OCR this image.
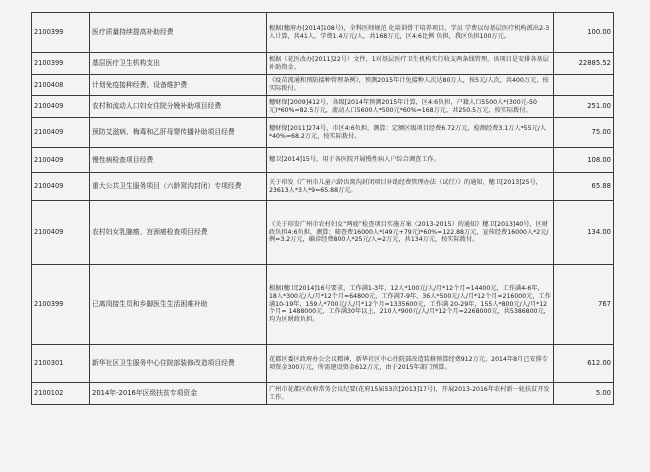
2100399	医疗质量持续提高补助经费	根据(穗府办[2014]108号)，全科医师规范 化培训骨干培养项目，学员 学费以每基层医疗机构派出2-3人计算，共41人，学费1.4万元/人，共168万元，区4:6比例 负担，我区负担100万元。	100.00
2100399	基层医疗卫生机构支出	根据（花医改办[2011]22号）文件，1对基层医疗卫生机构实行收支两条线管理，该项目是安排各基层补助资金。	22885.52
2100408	计划免疫接种经费、设备维护费	《疫苗流通和预防接种管理条例》，预测2015年计免接种人次达80万人，按5元/人次，共400万元，按实际拨付。	
2100409	农村和流动人口妇女住院分娩补助项目经费	穗财保[2009]412号，各级[2014年预测2015年计算，区4:6负担，户籍人口5500人*(300元-50元)*60%=82.5万元，流动人口5600人*500元*60%=168万元，共250.5万元，按实际拨付。	251.00
2100409	预防艾滋病、梅毒和乙肝母婴传播补助项目经费	穗财保[2011]274号，市区4:6负担，测算：定额区级项目经费6.72万元，检测经费3.1万人*55元/人*40%=68.2万元，按实际拨付。	75.00
2100409	慢性病检查项目经费	穗卫[2014]15号，用于各医院开展慢性病人户综合调查工作。	108.00
2100409	重大公共卫生服务项目（六龄窝沟封闭）专项经费	关于印发《广州市儿童六龄齿窝沟封闭项目补助经费管理办法（试行）》的通知，穗卫[2013]25号，23613人*3人*9=65.88万元。	65.88
2100409	农村妇女乳腺癌、宫颈癌检查项目经费	《关于印发广州市农村妇女“两癌”检查项目实施方案（2013-2015）的通知》穗卫[2013]40号，区财政负担4:6负担，测算：筛查费16000人*(49元+79元)*60%=122.88万元，宣传经费16000人*2元/例=3.2万元，确诊经费800人*25元/人=2万元，共134万元，按实际拨付。	134.00
2100399	已离岗接生员和乡脚医生生活困难补助	根据(穗卫[2014]16号要求，工作满1-3年，12人*100元/人/月*12个月=14400元，工作满4-6年，18人*300元/人/月*12个月=64800元，工作满7-9年，36人*500元/人/月*12个月=216000元，工作满10-19年，159人*700元/人/月*12个月=1335600元，工作满 20-29年，155人*800元/人/月*12个月= 1488000元，工作满30年以上，210人*900元/人/月*12个月=2268000元，共5386800元，均为区财政负担。	767
2100301	新华社区卫生服务中心住院部装修改造项目经费	花都区委区政府办公会议精神，新华社区中心住院部改造装修预算经费912万元，2014年8月已安排专项资金300万元，所需建设资金612万元，由于2015年部门预算。	612.00
2100102	2014年-2016年区级扶贫专项资金	广州市花都区政府常务会议纪要(花府15届53次[2013]17号)，开展2013-2016年农村新一轮扶贫开发工作。	5.00
